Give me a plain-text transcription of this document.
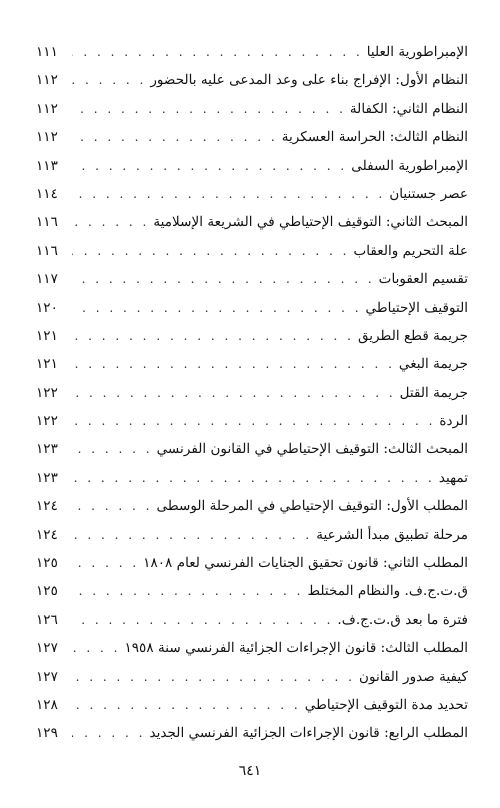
الإمبراطورية العليا
. . .
١١١
النظام الأول: الإفراج بناء على وعد المدعى عليه بالحضور
. . .
١١٢
النظام الثاني: الكفالة
. . .
١١٢
النظام الثالث: الحراسة العسكرية
. . .
١١٢
الإمبراطورية السفلى
. . .
١١٣
عصر جستنيان
. . .
١١٤
المبحث الثاني: التوقيف الإحتياطي في الشريعة الإسلامية
. . .
١١٦
علة التحريم والعقاب
. . .
١١٦
تقسيم العقوبات
. . .
١١٧
التوقيف الإحتياطي
. . .
١٢٠
جريمة قطع الطريق
. . .
١٢١
جريمة البغي
. . .
١٢١
جريمة القتل
. . .
١٢٢
الردة
. . .
١٢٢
المبحث الثالث: التوقيف الإحتياطي في القانون الفرنسي
. . .
١٢٣
تمهيد
. . .
١٢٣
المطلب الأول: التوقيف الإحتياطي في المرحلة الوسطى
. . .
١٢٤
مرحلة تطبيق مبدأ الشرعية
. . .
١٢٤
المطلب الثاني: قانون تحقيق الجنايات الفرنسي لعام ١٨٠٨
. . .
١٢٥
ق.ت.ج.ف. والنظام المختلط
. . .
١٢٥
فترة ما بعد ق.ت.ج.ف.
. . .
١٢٦
المطلب الثالث: قانون الإجراءات الجزائية الفرنسي سنة ١٩٥٨
. . .
١٢٧
كيفية صدور القانون
. . .
١٢٧
تحديد مدة التوقيف الإحتياطي
. . .
١٢٨
المطلب الرابع: قانون الإجراءات الجزائية الفرنسي الجديد
. . .
١٢٩
٦٤١
